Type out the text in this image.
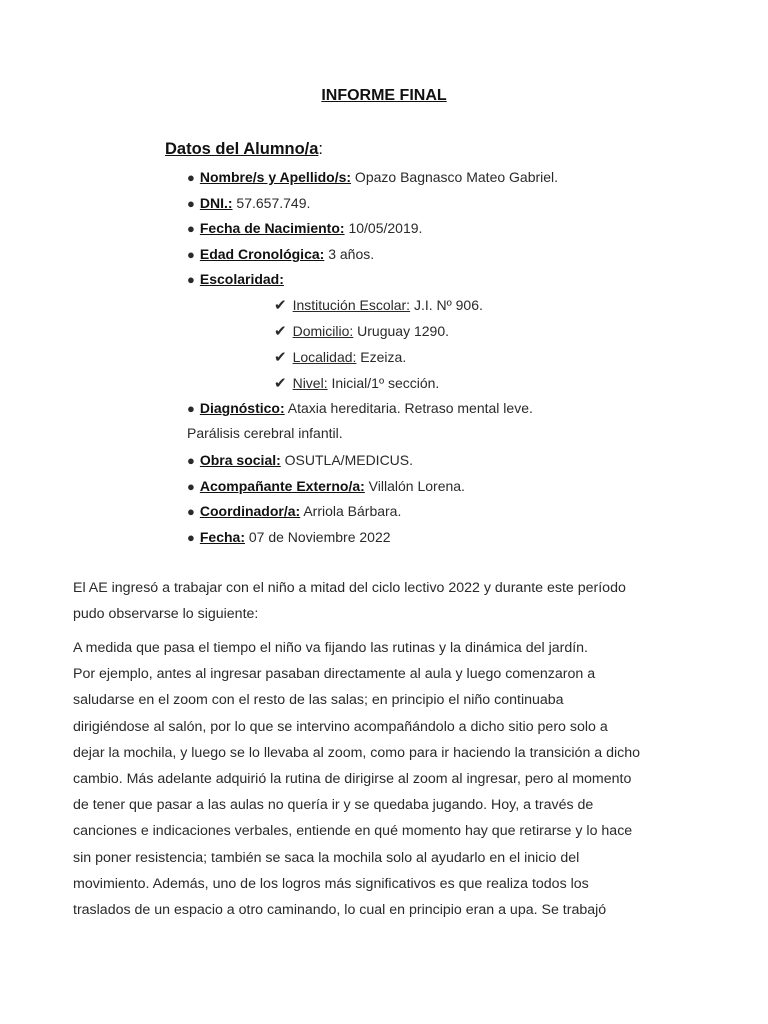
INFORME FINAL
Datos del Alumno/a:
● Nombre/s y Apellido/s: Opazo Bagnasco Mateo Gabriel.
● DNI.: 57.657.749.
● Fecha de Nacimiento: 10/05/2019.
● Edad Cronológica: 3 años.
● Escolaridad:
✔ Institución Escolar: J.I. Nº 906.
✔ Domicilio: Uruguay 1290.
✔ Localidad: Ezeiza.
✔ Nivel: Inicial/1º sección.
● Diagnóstico: Ataxia hereditaria. Retraso mental leve.
Parálisis cerebral infantil.
● Obra social: OSUTLA/MEDICUS.
● Acompañante Externo/a: Villalón Lorena.
● Coordinador/a: Arriola Bárbara.
● Fecha: 07 de Noviembre 2022
El AE ingresó a trabajar con el niño a mitad del ciclo lectivo 2022 y durante este período
pudo observarse lo siguiente:
A medida que pasa el tiempo el niño va fijando las rutinas y la dinámica del jardín.
Por ejemplo, antes al ingresar pasaban directamente al aula y luego comenzaron a
saludarse en el zoom con el resto de las salas; en principio el niño continuaba
dirigiéndose al salón, por lo que se intervino acompañándolo a dicho sitio pero solo a
dejar la mochila, y luego se lo llevaba al zoom, como para ir haciendo la transición a dicho
cambio. Más adelante adquirió la rutina de dirigirse al zoom al ingresar, pero al momento
de tener que pasar a las aulas no quería ir y se quedaba jugando. Hoy, a través de
canciones e indicaciones verbales, entiende en qué momento hay que retirarse y lo hace
sin poner resistencia; también se saca la mochila solo al ayudarlo en el inicio del
movimiento. Además, uno de los logros más significativos es que realiza todos los
traslados de un espacio a otro caminando, lo cual en principio eran a upa. Se trabajó
